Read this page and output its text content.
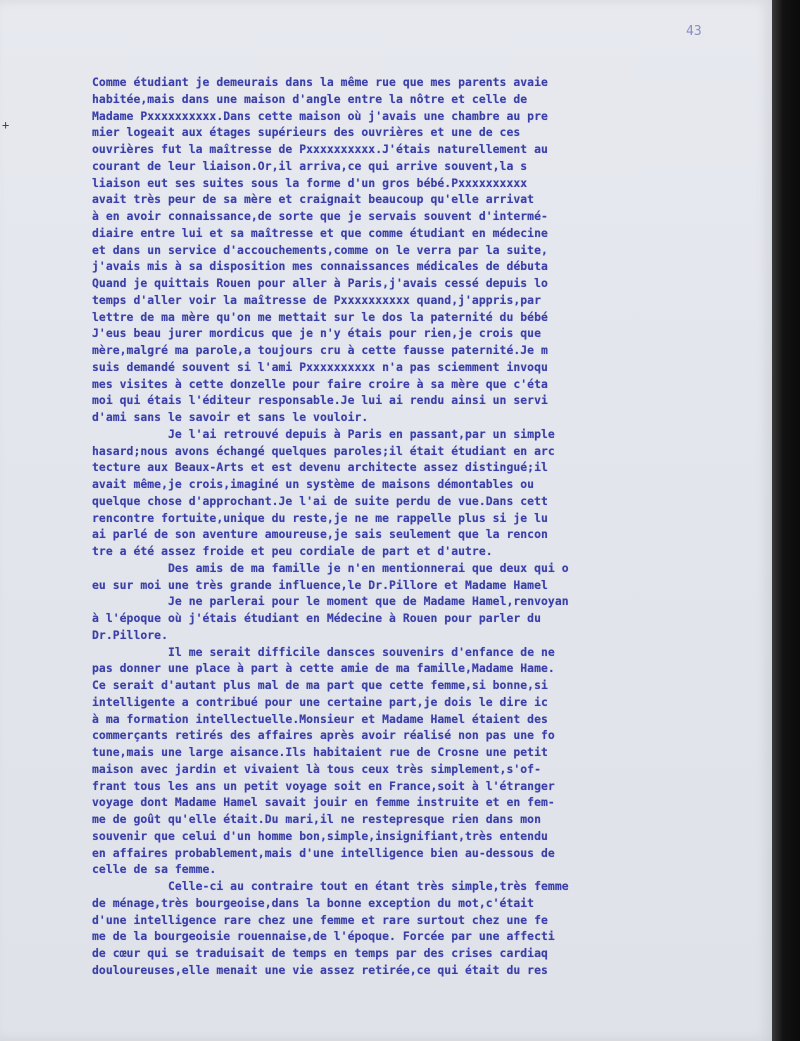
43
+
Comme étudiant je demeurais dans la même rue que mes parents avaie
habitée,mais dans une maison d'angle entre la nôtre et celle de
Madame Pxxxxxxxxxx.Dans cette maison où j'avais une chambre au pre
mier logeait aux étages supérieurs des ouvrières et une de ces
ouvrières fut la maîtresse de Pxxxxxxxxxx.J'étais naturellement au
courant de leur liaison.Or,il arriva,ce qui arrive souvent,la s
liaison eut ses suites sous la forme d'un gros bébé.Pxxxxxxxxxx
avait très peur de sa mère et craignait beaucoup qu'elle arrivat
à en avoir connaissance,de sorte que je servais souvent d'intermé-
diaire entre lui et sa maîtresse et que comme étudiant en médecine
et dans un service d'accouchements,comme on le verra par la suite,
j'avais mis à sa disposition mes connaissances médicales de débuta
Quand je quittais Rouen pour aller à Paris,j'avais cessé depuis lo
temps d'aller voir la maîtresse de Pxxxxxxxxxx quand,j'appris,par
lettre de ma mère qu'on me mettait sur le dos la paternité du bébé
J'eus beau jurer mordicus que je n'y étais pour rien,je crois que
mère,malgré ma parole,a toujours cru à cette fausse paternité.Je m
suis demandé souvent si l'ami Pxxxxxxxxxx n'a pas sciemment invoqu
mes visites à cette donzelle pour faire croire à sa mère que c'éta
moi qui étais l'éditeur responsable.Je lui ai rendu ainsi un servi
d'ami sans le savoir et sans le vouloir.
Je l'ai retrouvé depuis à Paris en passant,par un simple
hasard;nous avons échangé quelques paroles;il était étudiant en arc
tecture aux Beaux-Arts et est devenu architecte assez distingué;il
avait même,je crois,imaginé un système de maisons démontables ou
quelque chose d'approchant.Je l'ai de suite perdu de vue.Dans cett
rencontre fortuite,unique du reste,je ne me rappelle plus si je lu
ai parlé de son aventure amoureuse,je sais seulement que la rencon
tre a été assez froide et peu cordiale de part et d'autre.
Des amis de ma famille je n'en mentionnerai que deux qui o
eu sur moi une très grande influence,le Dr.Pillore et Madame Hamel
Je ne parlerai pour le moment que de Madame Hamel,renvoyan
à l'époque où j'étais étudiant en Médecine à Rouen pour parler du
Dr.Pillore.
Il me serait difficile dansces souvenirs d'enfance de ne
pas donner une place à part à cette amie de ma famille,Madame Hame.
Ce serait d'autant plus mal de ma part que cette femme,si bonne,si
intelligente a contribué pour une certaine part,je dois le dire ic
à ma formation intellectuelle.Monsieur et Madame Hamel étaient des
commerçants retirés des affaires après avoir réalisé non pas une fo
tune,mais une large aisance.Ils habitaient rue de Crosne une petit
maison avec jardin et vivaient là tous ceux très simplement,s'of-
frant tous les ans un petit voyage soit en France,soit à l'étranger
voyage dont Madame Hamel savait jouir en femme instruite et en fem-
me de goût qu'elle était.Du mari,il ne restepresque rien dans mon
souvenir que celui d'un homme bon,simple,insignifiant,très entendu
en affaires probablement,mais d'une intelligence bien au-dessous de
celle de sa femme.
Celle-ci au contraire tout en étant très simple,très femme
de ménage,très bourgeoise,dans la bonne exception du mot,c'était
d'une intelligence rare chez une femme et rare surtout chez une fe
me de la bourgeoisie rouennaise,de l'époque. Forcée par une affecti
de cœur qui se traduisait de temps en temps par des crises cardiaq
douloureuses,elle menait une vie assez retirée,ce qui était du res
